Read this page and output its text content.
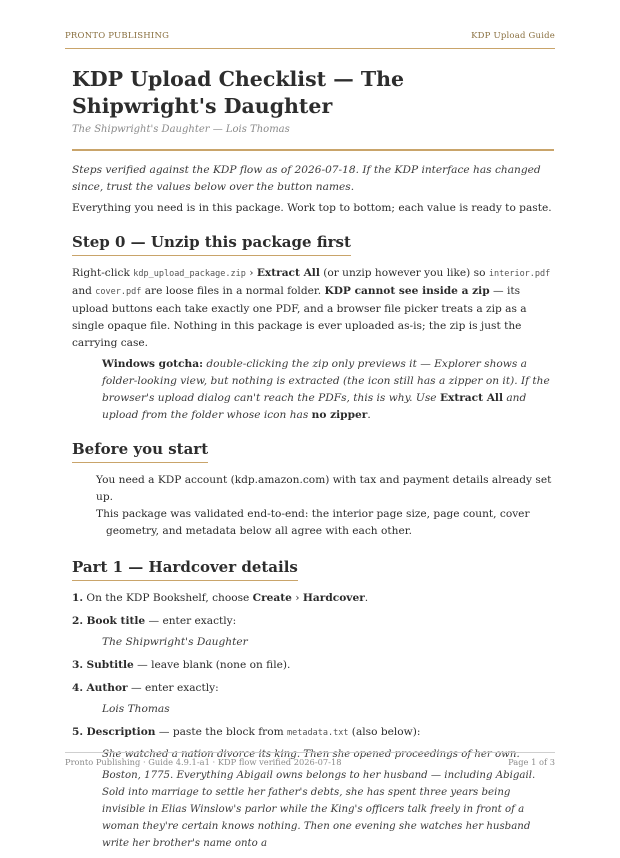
PRONTO PUBLISHING	KDP Upload Guide
KDP Upload Checklist — The Shipwright's Daughter
The Shipwright's Daughter — Lois Thomas

Steps verified against the KDP flow as of 2026-07-18. If the KDP interface has changed since, trust the values below over the button names.

Everything you need is in this package. Work top to bottom; each value is ready to paste.

Step 0 — Unzip this package first

Right-click kdp_upload_package.zip › Extract All (or unzip however you like) so interior.pdf and cover.pdf are loose files in a normal folder. KDP cannot see inside a zip — its upload buttons each take exactly one PDF, and a browser file picker treats a zip as a single opaque file. Nothing in this package is ever uploaded as-is; the zip is just the carrying case.

Windows gotcha: double-clicking the zip only previews it — Explorer shows a folder-looking view, but nothing is extracted (the icon still has a zipper on it). If the browser's upload dialog can't reach the PDFs, this is why. Use Extract All and upload from the folder whose icon has no zipper.
Before you start

You need a KDP account (kdp.amazon.com) with tax and payment details already set up.

This package was validated end-to-end: the interior page size, page count, cover geometry, and metadata below all agree with each other.

Part 1 — Hardcover details
1. On the KDP Bookshelf, choose Create › Hardcover.
2. Book title — enter exactly:
The Shipwright's Daughter
3. Subtitle — leave blank (none on file).
4. Author — enter exactly:
Lois Thomas
5. Description — paste the block from metadata.txt (also below):
She watched a nation divorce its king. Then she opened proceedings of her own.
Boston, 1775. Everything Abigail owns belongs to her husband — including Abigail. Sold into marriage to settle her father's debts, she has spent three years being invisible in Elias Winslow's parlor while the King's officers talk freely in front of a woman they're certain knows nothing. Then one evening she watches her husband write her brother's name onto a
Pronto Publishing · Guide 4.9.1-a1 · KDP flow verified 2026-07-18	Page 1 of 3
